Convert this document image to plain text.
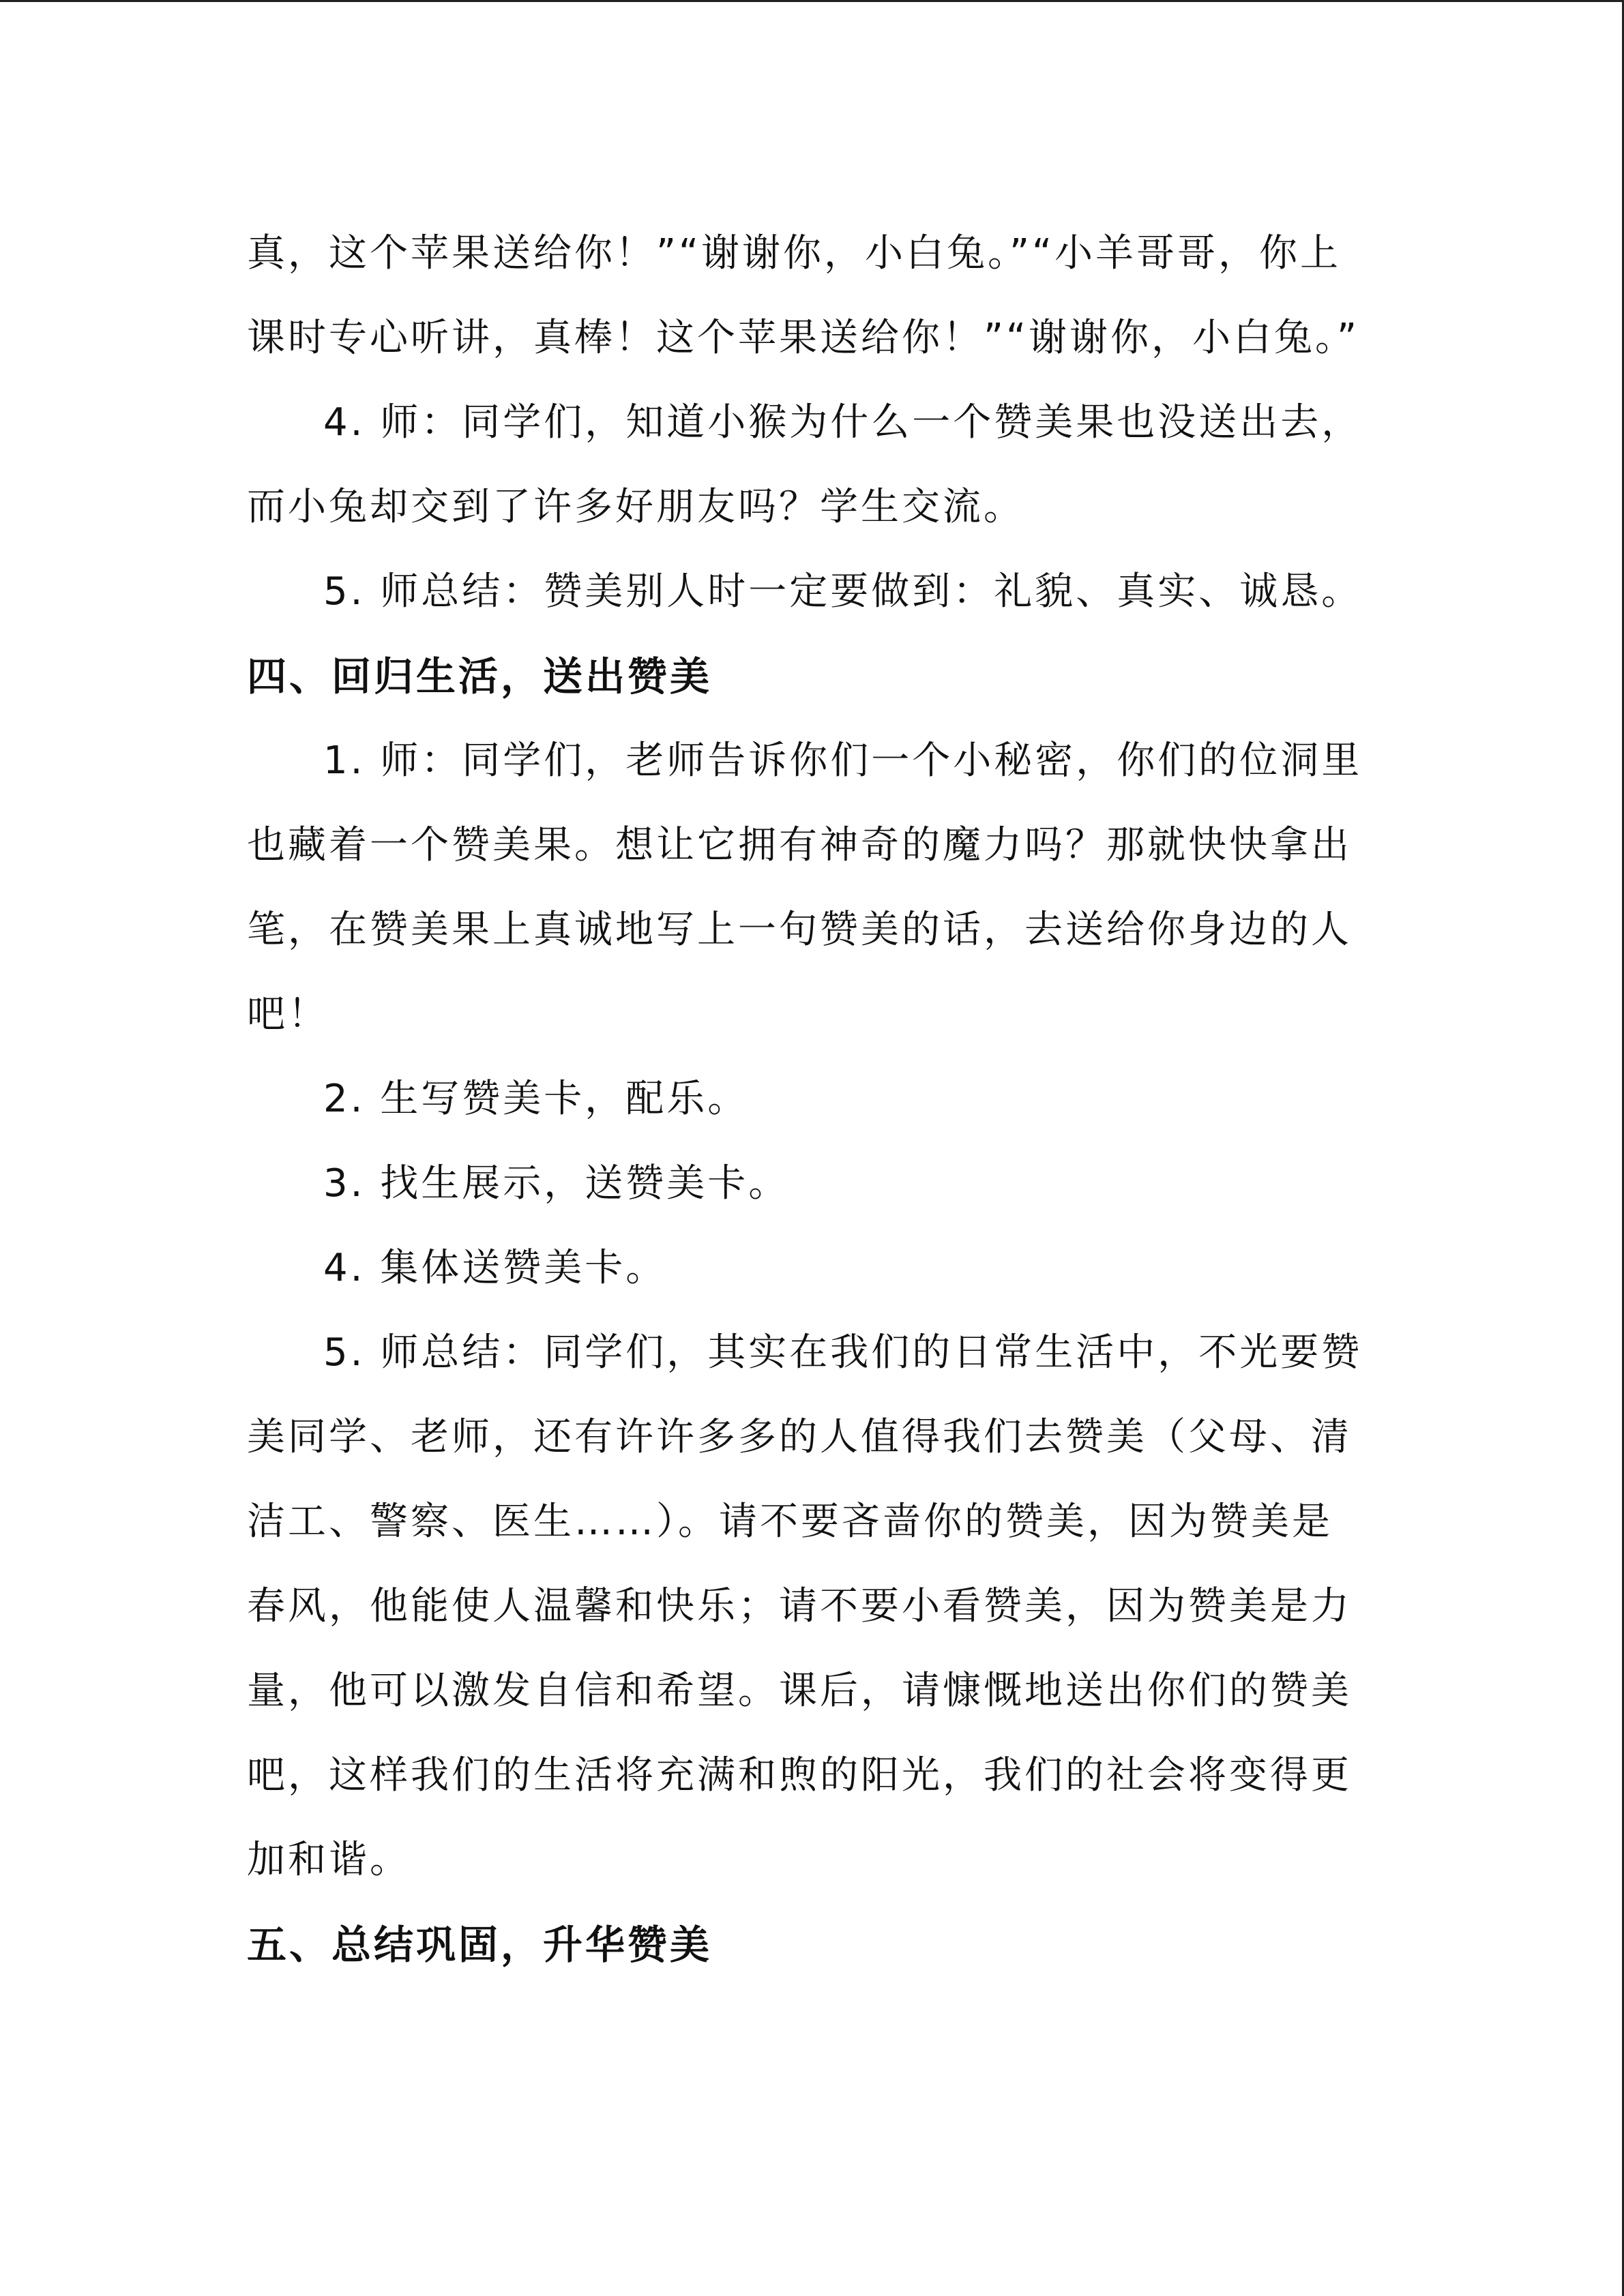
真，这个苹果送给你！”“谢谢你，小白兔。”“小羊哥哥，你上课时专心听讲，真棒！这个苹果送给你！”“谢谢你，小白兔。”

4. 师：同学们，知道小猴为什么一个赞美果也没送出去，而小兔却交到了许多好朋友吗？学生交流。

5. 师总结：赞美别人时一定要做到：礼貌、真实、诚恳。

四、回归生活，送出赞美

1. 师：同学们，老师告诉你们一个小秘密，你们的位洞里也藏着一个赞美果。想让它拥有神奇的魔力吗？那就快快拿出笔，在赞美果上真诚地写上一句赞美的话，去送给你身边的人吧！

2. 生写赞美卡，配乐。

3. 找生展示，送赞美卡。

4. 集体送赞美卡。

5. 师总结：同学们，其实在我们的日常生活中，不光要赞美同学、老师，还有许许多多的人值得我们去赞美（父母、清洁工、警察、医生……）。请不要吝啬你的赞美，因为赞美是春风，他能使人温馨和快乐；请不要小看赞美，因为赞美是力量，他可以激发自信和希望。课后，请慷慨地送出你们的赞美吧，这样我们的生活将充满和煦的阳光，我们的社会将变得更加和谐。

五、总结巩固，升华赞美
